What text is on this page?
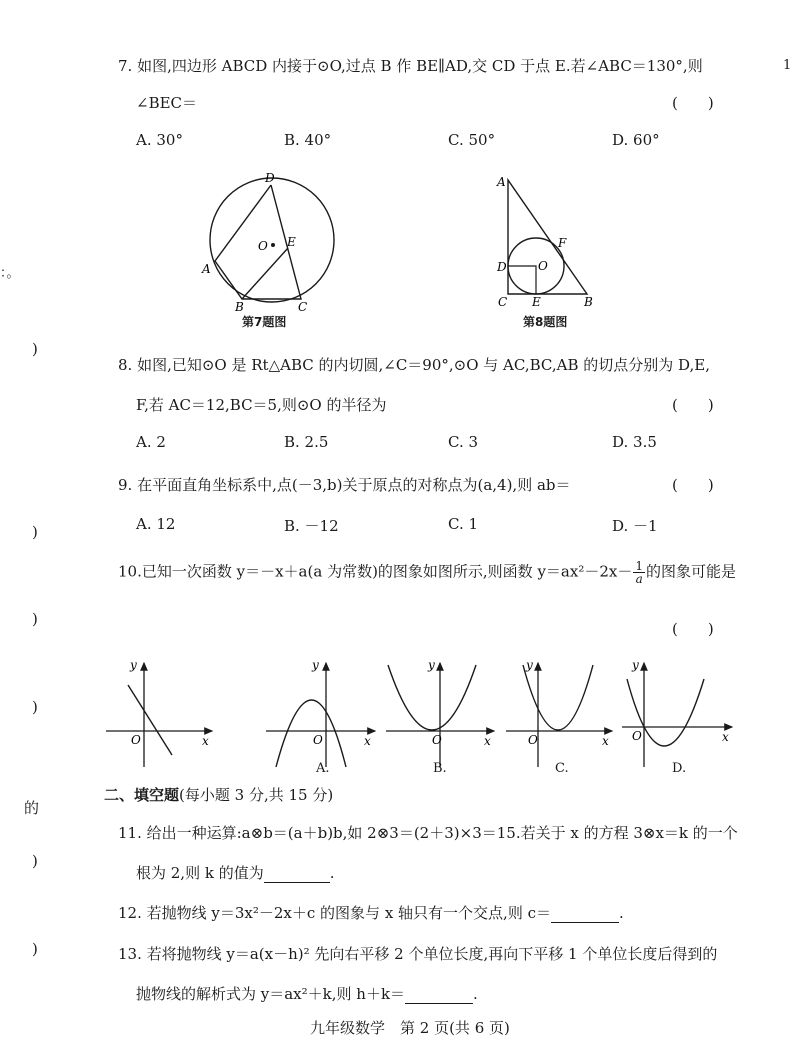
1
：。
)
)
)
)
的
)
)
7. 如图,四边形 ABCD 内接于⊙O,过点 B 作 BE∥AD,交 CD 于点 E.若∠ABC＝130°,则
∠BEC＝	(　　)
A. 30°	B. 40°	C. 50°	D. 60°
D
O E
A
B	C
第7题图
A
F
D	O
C E	B
第8题图
8. 如图,已知⊙O 是 Rt△ABC 的内切圆,∠C＝90°,⊙O 与 AC,BC,AB 的切点分别为 D,E,
F,若 AC＝12,BC＝5,则⊙O 的半径为	(　　)
A. 2	B. 2.5	C. 3	D. 3.5
9. 在平面直角坐标系中,点(－3,b)关于原点的对称点为(a,4),则 ab＝	(　　)
A. 12	B. －12	C. 1	D. －1
10.已知一次函数 y＝－x＋a(a 为常数)的图象如图所示,则函数 $y=ax^2-2x- \frac{1}{a}$ 的图象可能是
(　　)
y
x
O
y
x
O
y
x
O
y
x
O
y
x
O
A.	B.	C.	D.
二、填空题(每小题 3 分,共 15 分)
11. 给出一种运算:a⊗b＝(a＋b)b,如 2⊗3＝(2＋3)×3＝15.若关于 x 的方程 3⊗x＝k 的一个
根为 2,则 k 的值为	.
12. 若抛物线 y＝3x²－2x＋c 的图象与 x 轴只有一个交点,则 c＝	.
13. 若将抛物线 y＝a(x－h)² 先向右平移 2 个单位长度,再向下平移 1 个单位长度后得到的
抛物线的解析式为 y＝ax²＋k,则 h＋k＝	.
九年级数学　第 2 页(共 6 页)
